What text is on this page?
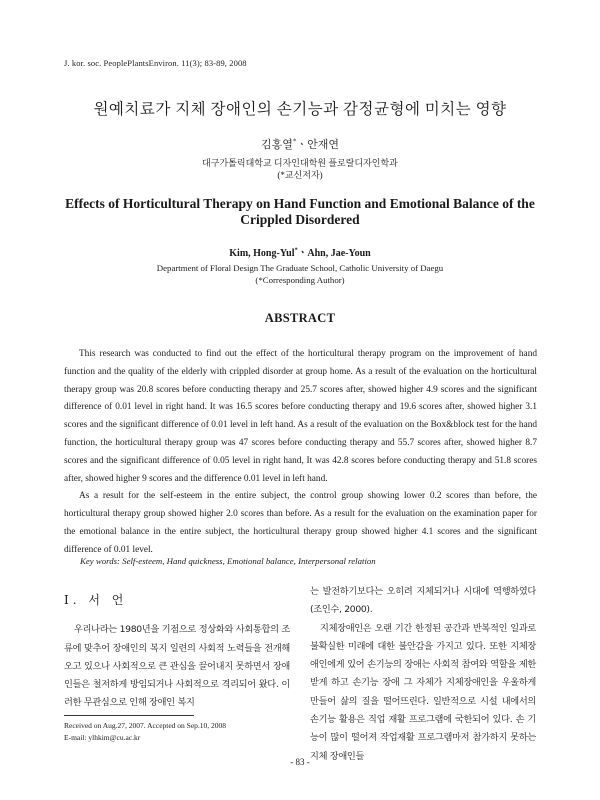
J. kor. soc. PeoplePlantsEnviron. 11(3); 83-89, 2008
원예치료가 지체 장애인의 손기능과 감정균형에 미치는 영향
김홍열*ㆍ안재연
대구가톨릭대학교 디자인대학원 플로랄디자인학과
(*교신저자)
Effects of Horticultural Therapy on Hand Function and Emotional Balance of the Crippled Disordered
Kim, Hong-Yul*ㆍAhn, Jae-Youn
Department of Floral Design The Graduate School, Catholic University of Daegu
(*Corresponding Author)
ABSTRACT

This research was conducted to find out the effect of the horticultural therapy program on the improvement of hand function and the quality of the elderly with crippled disorder at group home. As a result of the evaluation on the horticultural therapy group was 20.8 scores before conducting therapy and 25.7 scores after, showed higher 4.9 scores and the significant difference of 0.01 level in right hand. It was 16.5 scores before conducting therapy and 19.6 scores after, showed higher 3.1 scores and the significant difference of 0.01 level in left hand. As a result of the evaluation on the Box&block test for the hand function, the horticultural therapy group was 47 scores before conducting therapy and 55.7 scores after, showed higher 8.7 scores and the significant difference of 0.05 level in right hand, It was 42.8 scores before conducting therapy and 51.8 scores after, showed higher 9 scores and the difference 0.01 level in left hand.

As a result for the self-esteem in the entire subject, the control group showing lower 0.2 scores than before, the horticultural therapy group showed higher 2.0 scores than before. As a result for the evaluation on the examination paper for the emotional balance in the entire subject, the horticultural therapy group showed higher 4.1 scores and the significant difference of 0.01 level.

Key words: Self-esteem, Hand quickness, Emotional balance, Interpersonal relation
Ⅰ. 서 언

우리나라는 1980년을 기점으로 정상화와 사회통합의 조류에 맞추어 장애인의 복지 일련의 사회적 노력들을 전개해 오고 있으나 사회적으로 큰 관심을 끌어내지 못하면서 장애인들은 철저하게 방임되거나 사회적으로 격리되어 왔다. 이러한 무관심으로 인해 장애인 복지

는 발전하기보다는 오히려 지체되거나 시대에 역행하였다(조인수, 2000).

지체장애인은 오랜 기간 한정된 공간과 반복적인 일과로 불확실한 미래에 대한 불안감을 가지고 있다. 또한 지체장애인에게 있어 손기능의 장애는 사회적 참여와 역할을 제한 받게 하고 손기능 장애 그 자체가 지체장애인을 우울하게 만들어 삶의 질을 떨어뜨린다. 일반적으로 시설 내에서의 손기능 활용은 직업 재활 프로그램에 국한되어 있다. 손 기능이 많이 떨어져 작업재활 프로그램마저 참가하지 못하는 지체 장애인들

Received on Aug.27, 2007. Accepted on Sep.10, 2008
E-mail: ylhkim@cu.ac.kr
- 83 -
